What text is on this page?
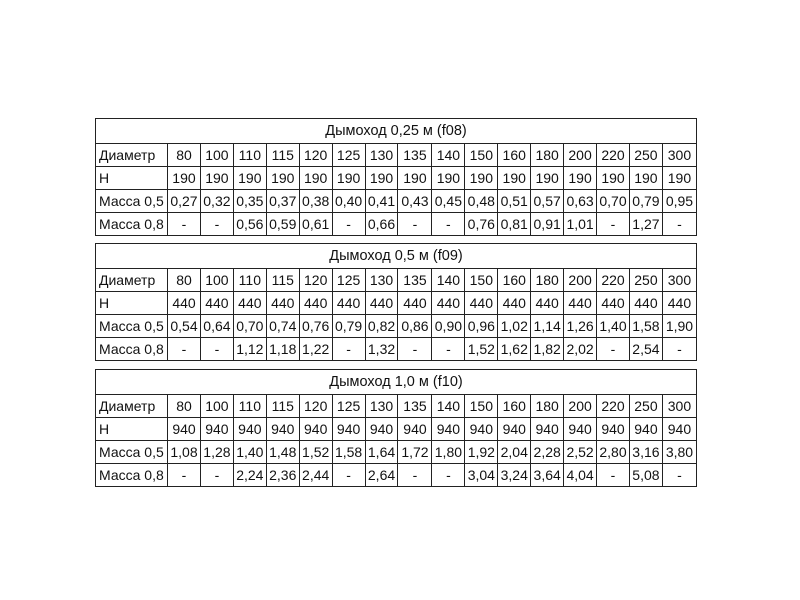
Дымоход 0,25 м (f08)																
Диаметр	80	100	110	115	120	125	130	135	140	150	160	180	200	220	250	300
Н	190	190	190	190	190	190	190	190	190	190	190	190	190	190	190	190
Масса 0,5	0,27	0,32	0,35	0,37	0,38	0,40	0,41	0,43	0,45	0,48	0,51	0,57	0,63	0,70	0,79	0,95
Масса 0,8	-	-	0,56	0,59	0,61	-	0,66	-	-	0,76	0,81	0,91	1,01	-	1,27	-
Дымоход 0,5 м (f09)																
Диаметр	80	100	110	115	120	125	130	135	140	150	160	180	200	220	250	300
Н	440	440	440	440	440	440	440	440	440	440	440	440	440	440	440	440
Масса 0,5	0,54	0,64	0,70	0,74	0,76	0,79	0,82	0,86	0,90	0,96	1,02	1,14	1,26	1,40	1,58	1,90
Масса 0,8	-	-	1,12	1,18	1,22	-	1,32	-	-	1,52	1,62	1,82	2,02	-	2,54	-
Дымоход 1,0 м (f10)																
Диаметр	80	100	110	115	120	125	130	135	140	150	160	180	200	220	250	300
Н	940	940	940	940	940	940	940	940	940	940	940	940	940	940	940	940
Масса 0,5	1,08	1,28	1,40	1,48	1,52	1,58	1,64	1,72	1,80	1,92	2,04	2,28	2,52	2,80	3,16	3,80
Масса 0,8	-	-	2,24	2,36	2,44	-	2,64	-	-	3,04	3,24	3,64	4,04	-	5,08	-
